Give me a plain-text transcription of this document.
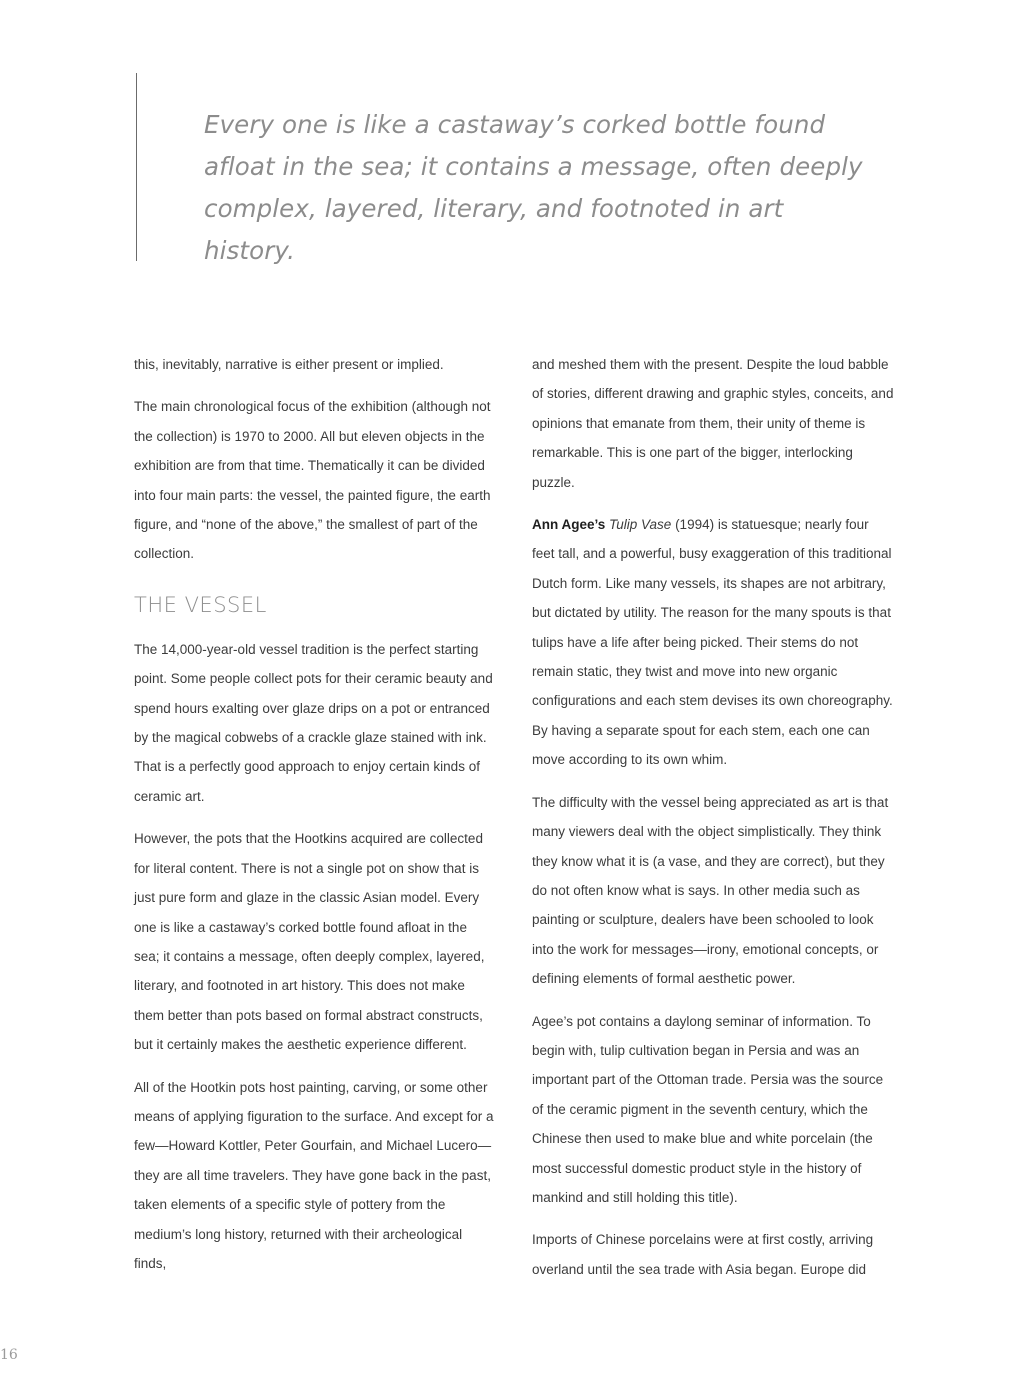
Every one is like a castaway’s corked bottle found afloat in the sea; it contains a message, often deeply complex, layered, literary, and footnoted in art history.

this, inevitably, narrative is either present or implied.

The main chronological focus of the exhibition (although not the collection) is 1970 to 2000. All but eleven objects in the exhibition are from that time. Thematically it can be divided into four main parts: the vessel, the painted figure, the earth figure, and “none of the above,” the smallest of part of the collection.

THE VESSEL

The 14,000-year-old vessel tradition is the perfect starting point. Some people collect pots for their ceramic beauty and spend hours exalting over glaze drips on a pot or entranced by the magical cobwebs of a crackle glaze stained with ink. That is a perfectly good approach to enjoy certain kinds of ceramic art.

However, the pots that the Hootkins acquired are collected for literal content. There is not a single pot on show that is just pure form and glaze in the classic Asian model. Every one is like a castaway’s corked bottle found afloat in the sea; it contains a message, often deeply complex, layered, literary, and footnoted in art history. This does not make them better than pots based on formal abstract constructs, but it certainly makes the aesthetic experience different.

All of the Hootkin pots host painting, carving, or some other means of applying figuration to the surface. And except for a few—Howard Kottler, Peter Gourfain, and Michael Lucero—they are all time travelers. They have gone back in the past, taken elements of a specific style of pottery from the medium’s long history, returned with their archeological finds,

and meshed them with the present. Despite the loud babble of stories, different drawing and graphic styles, conceits, and opinions that emanate from them, their unity of theme is remarkable. This is one part of the bigger, interlocking puzzle.

Ann Agee’s Tulip Vase (1994) is statuesque; nearly four feet tall, and a powerful, busy exaggeration of this traditional Dutch form. Like many vessels, its shapes are not arbitrary, but dictated by utility. The reason for the many spouts is that tulips have a life after being picked. Their stems do not remain static, they twist and move into new organic configurations and each stem devises its own choreography. By having a separate spout for each stem, each one can move according to its own whim.

The difficulty with the vessel being appreciated as art is that many viewers deal with the object simplistically. They think they know what it is (a vase, and they are correct), but they do not often know what is says. In other media such as painting or sculpture, dealers have been schooled to look into the work for messages—irony, emotional concepts, or defining elements of formal aesthetic power.

Agee’s pot contains a daylong seminar of information. To begin with, tulip cultivation began in Persia and was an important part of the Ottoman trade. Persia was the source of the ceramic pigment in the seventh century, which the Chinese then used to make blue and white porcelain (the most successful domestic product style in the history of mankind and still holding this title).

Imports of Chinese porcelains were at first costly, arriving overland until the sea trade with Asia began. Europe did

16
